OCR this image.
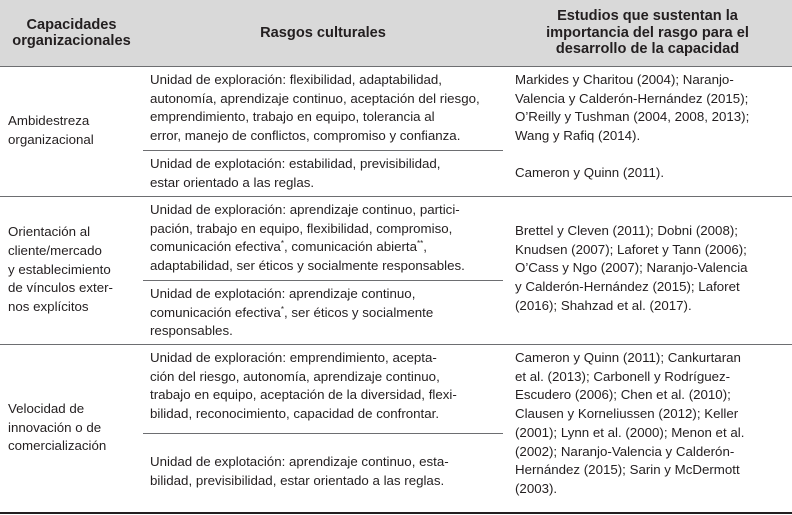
Capacidades
organizacionales
Rasgos culturales
Estudios que sustentan la
importancia del rasgo para el
desarrollo de la capacidad
Ambidestreza
organizacional
Unidad de exploración: flexibilidad, adaptabilidad,
autonomía, aprendizaje continuo, aceptación del riesgo,
emprendimiento, trabajo en equipo, tolerancia al
error, manejo de conflictos, compromiso y confianza.
Markides y Charitou (2004); Naranjo-
Valencia y Calderón-Hernández (2015);
O’Reilly y Tushman (2004, 2008, 2013);
Wang y Rafiq (2014).
Unidad de explotación: estabilidad, previsibilidad,
estar orientado a las reglas.
Cameron y Quinn (2011).
Orientación al
cliente/mercado
y establecimiento
de vínculos exter-
nos explícitos
Unidad de exploración: aprendizaje continuo, partici-
pación, trabajo en equipo, flexibilidad, compromiso,
comunicación efectiva*, comunicación abierta**,
adaptabilidad, ser éticos y socialmente responsables.
Unidad de explotación: aprendizaje continuo,
comunicación efectiva*, ser éticos y socialmente
responsables.
Brettel y Cleven (2011); Dobni (2008);
Knudsen (2007); Laforet y Tann (2006);
O’Cass y Ngo (2007); Naranjo-Valencia
y Calderón-Hernández (2015); Laforet
(2016); Shahzad et al. (2017).
Velocidad de
innovación o de
comercialización
Unidad de exploración: emprendimiento, acepta-
ción del riesgo, autonomía, aprendizaje continuo,
trabajo en equipo, aceptación de la diversidad, flexi-
bilidad, reconocimiento, capacidad de confrontar.
Unidad de explotación: aprendizaje continuo, esta-
bilidad, previsibilidad, estar orientado a las reglas.
Cameron y Quinn (2011); Cankurtaran
et al. (2013); Carbonell y Rodríguez-
Escudero (2006); Chen et al. (2010);
Clausen y Korneliussen (2012); Keller
(2001); Lynn et al. (2000); Menon et al.
(2002); Naranjo-Valencia y Calderón-
Hernández (2015); Sarin y McDermott
(2003).
